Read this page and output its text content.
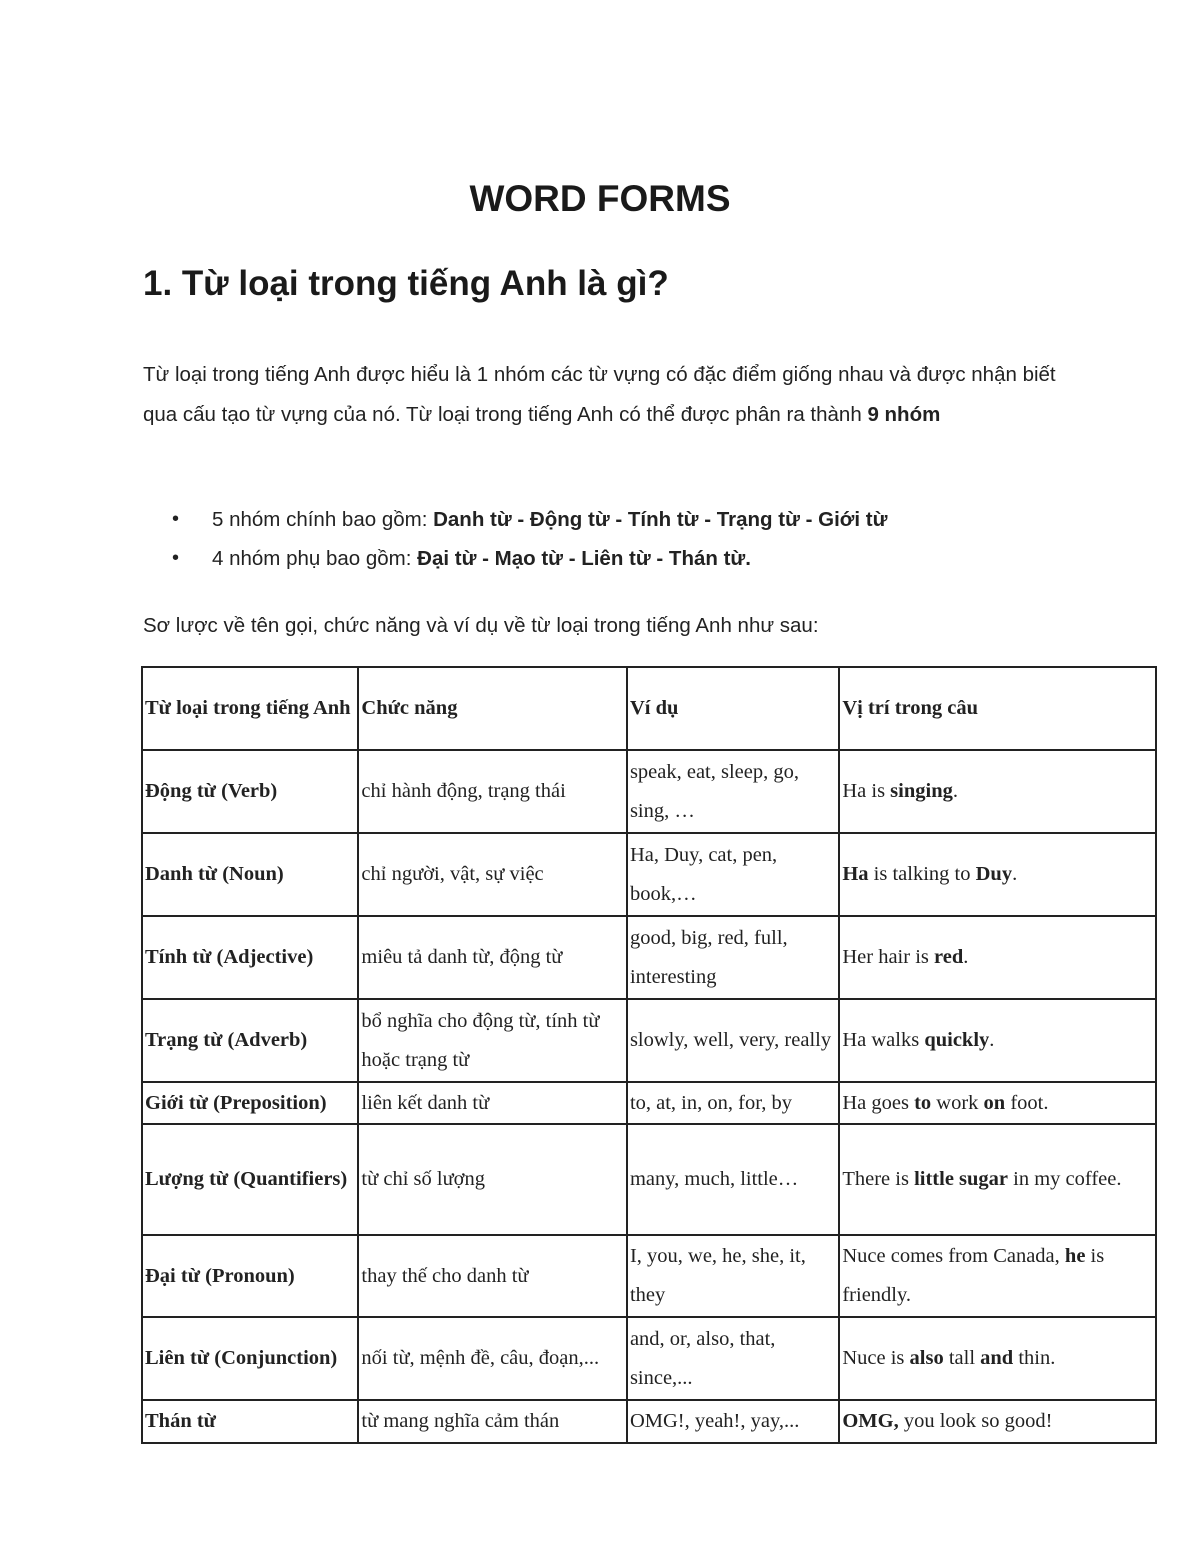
WORD FORMS
1. Từ loại trong tiếng Anh là gì?

Từ loại trong tiếng Anh được hiểu là 1 nhóm các từ vựng có đặc điểm giống nhau và được nhận biết qua cấu tạo từ vựng của nó. Từ loại trong tiếng Anh có thể được phân ra thành 9 nhóm

• 5 nhóm chính bao gồm: Danh từ - Động từ - Tính từ - Trạng từ - Giới từ
• 4 nhóm phụ bao gồm: Đại từ - Mạo từ - Liên từ - Thán từ.
Sơ lược về tên gọi, chức năng và ví dụ về từ loại trong tiếng Anh như sau:
Từ loại trong tiếng Anh	Chức năng	Ví dụ	Vị trí trong câu
Động từ (Verb)	chỉ hành động, trạng thái	speak, eat, sleep, go, sing, …	Ha is singing.
Danh từ (Noun)	chỉ người, vật, sự việc	Ha, Duy, cat, pen, book,…	Ha is talking to Duy.
Tính từ (Adjective)	miêu tả danh từ, động từ	good, big, red, full, interesting	Her hair is red.
Trạng từ (Adverb)	bổ nghĩa cho động từ, tính từ hoặc trạng từ	slowly, well, very, really	Ha walks quickly.
Giới từ (Preposition)	liên kết danh từ	to, at, in, on, for, by	Ha goes to work on foot.
Lượng từ (Quantifiers)	từ chỉ số lượng	many, much, little…	There is little sugar in my coffee.
Đại từ (Pronoun)	thay thế cho danh từ	I, you, we, he, she, it, they	Nuce comes from Canada, he is friendly.
Liên từ (Conjunction)	nối từ, mệnh đề, câu, đoạn,...	and, or, also, that, since,...	Nuce is also tall and thin.
Thán từ	từ mang nghĩa cảm thán	OMG!, yeah!, yay,...	OMG, you look so good!
